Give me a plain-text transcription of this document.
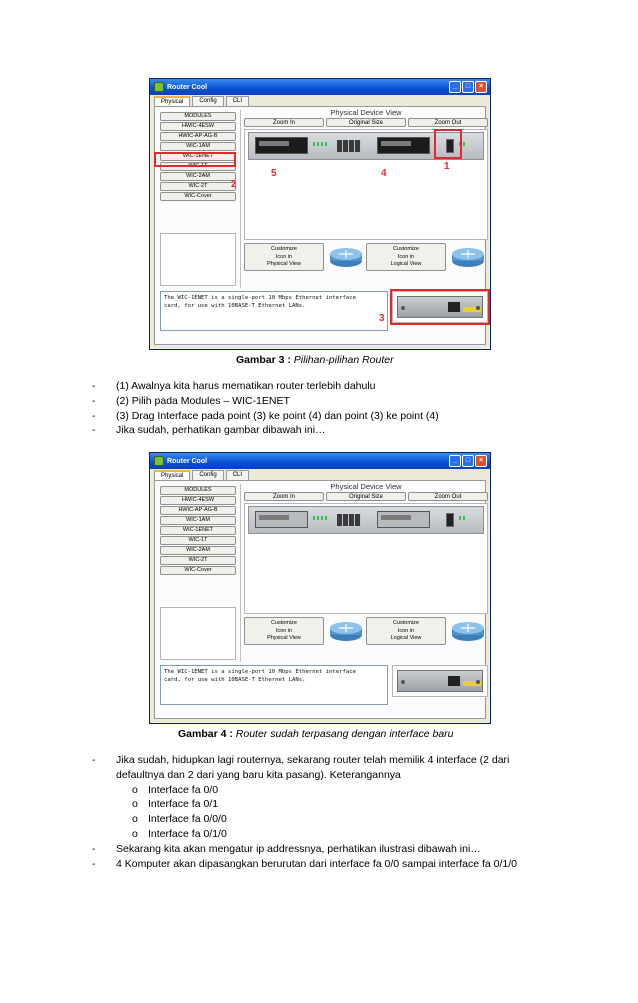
Router Cool	_	□	×
Physical	Config	CLI
MODULES
HWIC-4ESW
HWIC-AP-AG-B
WIC-1AM
WIC-1ENET
WIC-1T
WIC-2AM
WIC-2T
WIC-Cover
Physical Device View
Zoom In	Original Size	Zoom Out
Customize
Icon in
Physical View
Customize
Icon in
Logical View
The WIC-1ENET is a single-port 10 Mbps Ethernet interface
card, for use with 10BASE-T Ethernet LANs.
1
2
3
4
5
Gambar 3 : Pilihan-pilihan Router
- (1) Awalnya kita harus mematikan router terlebih dahulu
- (2) Pilih pada Modules – WIC-1ENET
- (3) Drag Interface pada point (3) ke point (4) dan point (3) ke point (4)
- Jika sudah, perhatikan gambar dibawah ini…
Router Cool	_	□	×
Physical	Config	CLI
MODULES
HWIC-4ESW
HWIC-AP-AG-B
WIC-1AM
WIC-1ENET
WIC-1T
WIC-2AM
WIC-2T
WIC-Cover
Physical Device View
Zoom In	Original Size	Zoom Out
Customize
Icon in
Physical View
Customize
Icon in
Logical View
The WIC-1ENET is a single-port 10 Mbps Ethernet interface
card, for use with 10BASE-T Ethernet LANs.
Gambar 4 : Router sudah terpasang dengan interface baru
- Jika sudah, hidupkan lagi routernya, sekarang router telah memilik 4 interface (2 dari
defaultnya dan 2 dari yang baru kita pasang). Keterangannya
o Interface fa 0/0
o Interface fa 0/1
o Interface fa 0/0/0
o Interface fa 0/1/0
- Sekarang kita akan mengatur ip addressnya, perhatikan ilustrasi dibawah ini…
- 4 Komputer akan dipasangkan berurutan dari interface fa 0/0 sampai interface fa 0/1/0
